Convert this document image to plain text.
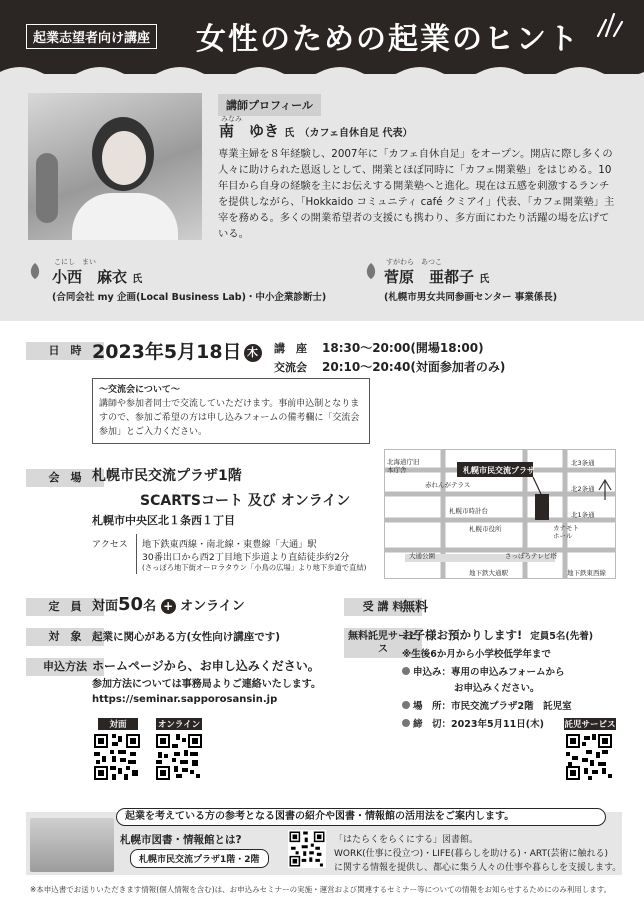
起業志望者向け講座 女性のための起業のヒント
講師プロフィール
みなみ
南　ゆき 氏 （カフェ自休自足 代表）
専業主婦を８年経験し、2007年に「カフェ自休自足」をオープン。開店に際し多くの人々に助けられた恩返しとして、開業とほぼ同時に「カフェ開業塾」をはじめる。10年目から自身の経験を主にお伝えする開業塾へと進化。現在は五感を刺激するランチを提供しながら、「Hokkaido コミュニティ café クミアイ」代表、「カフェ開業塾」主宰を務める。多くの開業希望者の支援にも携わり、多方面にわたり活躍の場を広げている。
こにし　まい
小西　麻衣 氏
(合同会社 my 企画(Local Business Lab)・中小企業診断士)
すがわら　あつこ
菅原　亜都子 氏
(札幌市男女共同参画センター 事業係長)
日　時 2023年5月18日 木	講　座 18:30～20:00(開場18:00)
交流会 20:10～20:40(対面参加者のみ)
～交流会について～
講師や参加者同士で交流していただけます。事前申込制となりますので、参加ご希望の方は申し込みフォームの備考欄に「交流会参加」とご入力ください。
会　場 札幌市民交流プラザ1階
SCARTSコート 及び オンライン
札幌市中央区北１条西１丁目
アクセス 地下鉄東西線・南北線・東豊線「大通」駅
30番出口から西2丁目地下歩道より直結徒歩約2分
(さっぽろ地下街オーロラタウン「小鳥の広場」より地下歩道で直結)
札幌市民交流プラザ
北海道庁旧本庁舎
赤れんがテラス
札幌市時計台
札幌市役所	カナモトホール
大通公園	さっぽろテレビ塔
地下鉄大通駅	地下鉄東西線
北3条通
北2条通
北1条通
定　員 対面50名 + オンライン
対　象	起業に関心がある方(女性向け講座です)
申込方法 ホームページから、お申し込みください。
参加方法については事務局よりご連絡いたします。
https://seminar.sapporosansin.jp
対面	オンライン
受 講 料
無料
無料託児サービス
お子様お預かりします! 定員5名(先着)
※生後6か月から小学校低学年まで
申込み：専用の申込みフォームから
お申込みください。
場　所：市民交流プラザ2階　託児室
締　切：2023年5月11日(木) 託児サービス
起業を考えている方の参考となる図書の紹介や図書・情報館の活用法をご案内します。
札幌市図書・情報館とは?
札幌市民交流プラザ1階・2階
「はたらくをらくにする」図書館。
WORK(仕事に役立つ)・LIFE(暮らしを助ける)・ART(芸術に触れる)
に関する情報を提供し、都心に集う人々の仕事や暮らしを支援します。
※本申込書でお送りいただきます情報(個人情報を含む)は、お申込みセミナーの実施・運営および関連するセミナー等についての情報をお知らせするためにのみ利用します。
